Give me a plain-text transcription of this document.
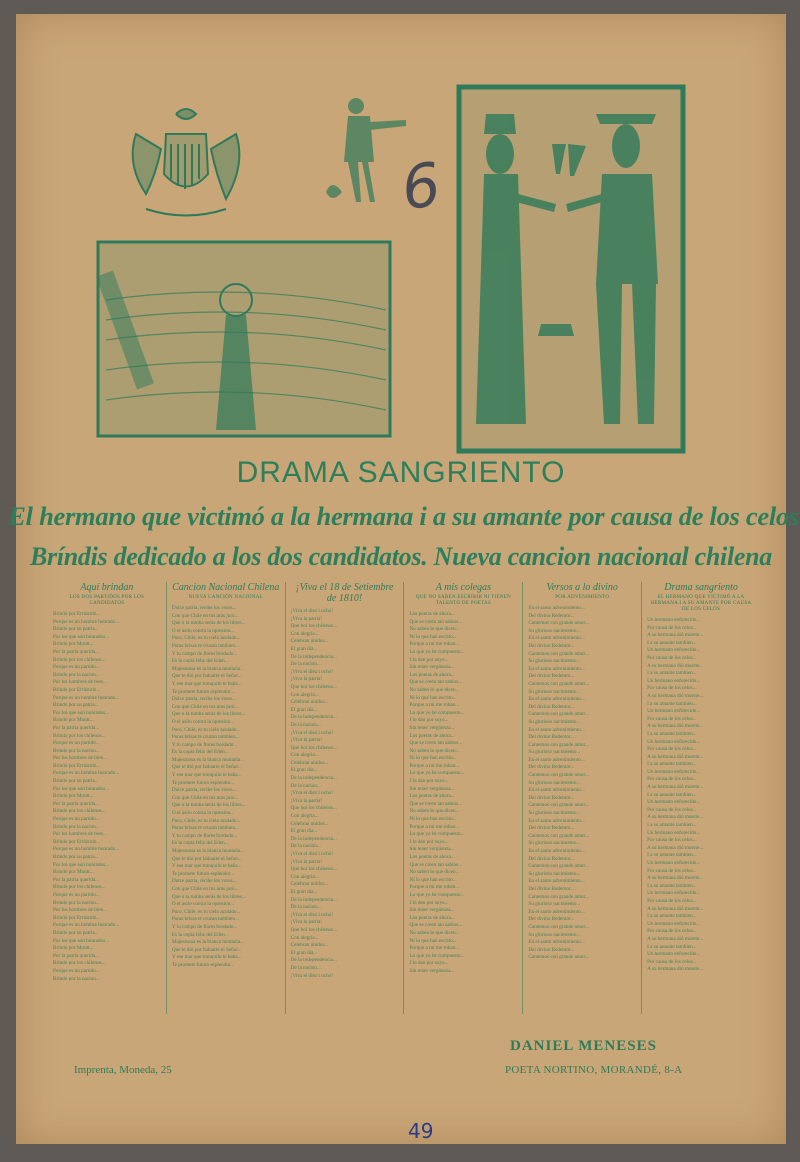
6
DRAMA SANGRIENTO
El hermano que victimó a la hermana i a su amante por causa de los celos
Bríndis dedicado a los dos candidatos. Nueva cancion nacional chilena
Aquí brindan
LOS DOS PARTIDOS POR LOS CANDIDATOS
Brindo por Errázuriz...
Porque es un hombre honrado...
Brindo por su patria...
Por los que son honrados...
Brindo por Montt...
Por la patria querida...
Brindo por los chilenos...
Porque es un partido...
Brindo por la nacion...
Por los hombres de bien...
Brindo por Errázuriz...
Porque es un hombre honrado...
Brindo por su patria...
Por los que son honrados...
Brindo por Montt...
Por la patria querida...
Brindo por los chilenos...
Porque es un partido...
Brindo por la nacion...
Por los hombres de bien...
Brindo por Errázuriz...
Porque es un hombre honrado...
Brindo por su patria...
Por los que son honrados...
Brindo por Montt...
Por la patria querida...
Brindo por los chilenos...
Porque es un partido...
Brindo por la nacion...
Por los hombres de bien...
Brindo por Errázuriz...
Porque es un hombre honrado...
Brindo por su patria...
Por los que son honrados...
Brindo por Montt...
Por la patria querida...
Brindo por los chilenos...
Porque es un partido...
Brindo por la nacion...
Por los hombres de bien...
Brindo por Errázuriz...
Porque es un hombre honrado...
Brindo por su patria...
Por los que son honrados...
Brindo por Montt...
Por la patria querida...
Brindo por los chilenos...
Porque es un partido...
Brindo por la nacion...
Cancion Nacional Chilena
NUEVA CANCION NACIONAL
Dulce patria, recibe los votos...
Con que Chile en tus aras juró...
Que o la tumba serás de los libres...
O el asilo contra la opresion...
Puro, Chile, es tu cielo azulado...
Puras brisas te cruzan tambien...
Y tu campo de flores bordado...
Es la copia feliz del Eden...
Majestuosa es la blanca montaña...
Que te dió por baluarte el Señor...
Y ese mar que tranquilo te baña...
Te promete futuro esplendor...
Dulce patria, recibe los votos...
Con que Chile en tus aras juró...
Que o la tumba serás de los libres...
O el asilo contra la opresion...
Puro, Chile, es tu cielo azulado...
Puras brisas te cruzan tambien...
Y tu campo de flores bordado...
Es la copia feliz del Eden...
Majestuosa es la blanca montaña...
Que te dió por baluarte el Señor...
Y ese mar que tranquilo te baña...
Te promete futuro esplendor...
Dulce patria, recibe los votos...
Con que Chile en tus aras juró...
Que o la tumba serás de los libres...
O el asilo contra la opresion...
Puro, Chile, es tu cielo azulado...
Puras brisas te cruzan tambien...
Y tu campo de flores bordado...
Es la copia feliz del Eden...
Majestuosa es la blanca montaña...
Que te dió por baluarte el Señor...
Y ese mar que tranquilo te baña...
Te promete futuro esplendor...
Dulce patria, recibe los votos...
Con que Chile en tus aras juró...
Que o la tumba serás de los libres...
O el asilo contra la opresion...
Puro, Chile, es tu cielo azulado...
Puras brisas te cruzan tambien...
Y tu campo de flores bordado...
Es la copia feliz del Eden...
Majestuosa es la blanca montaña...
Que te dió por baluarte el Señor...
Y ese mar que tranquilo te baña...
Te promete futuro esplendor...
¡Viva el 18 de Setiembre de 1810!
¡Viva el diez i ocho!
¡Viva la patria!
Que hoi los chilenos...
Con alegria...
Celebran unidos...
El gran dia...
De la independencia...
De la nacion...
¡Viva el diez i ocho!
¡Viva la patria!
Que hoi los chilenos...
Con alegria...
Celebran unidos...
El gran dia...
De la independencia...
De la nacion...
¡Viva el diez i ocho!
¡Viva la patria!
Que hoi los chilenos...
Con alegria...
Celebran unidos...
El gran dia...
De la independencia...
De la nacion...
¡Viva el diez i ocho!
¡Viva la patria!
Que hoi los chilenos...
Con alegria...
Celebran unidos...
El gran dia...
De la independencia...
De la nacion...
¡Viva el diez i ocho!
¡Viva la patria!
Que hoi los chilenos...
Con alegria...
Celebran unidos...
El gran dia...
De la independencia...
De la nacion...
¡Viva el diez i ocho!
¡Viva la patria!
Que hoi los chilenos...
Con alegria...
Celebran unidos...
El gran dia...
De la independencia...
De la nacion...
¡Viva el diez i ocho!
A mis colegas
QUE NO SABEN ESCRIBIR NI TIENEN TALENTO DE POETAS
Los poetas de ahora...
Que se creen tan sabios...
No saben lo que dicen...
Ni lo que han escrito...
Porque a mí me roban...
Lo que yo he compuesto...
I lo dan por suyo...
Sin tener vergüenza...
Los poetas de ahora...
Que se creen tan sabios...
No saben lo que dicen...
Ni lo que han escrito...
Porque a mí me roban...
Lo que yo he compuesto...
I lo dan por suyo...
Sin tener vergüenza...
Los poetas de ahora...
Que se creen tan sabios...
No saben lo que dicen...
Ni lo que han escrito...
Porque a mí me roban...
Lo que yo he compuesto...
I lo dan por suyo...
Sin tener vergüenza...
Los poetas de ahora...
Que se creen tan sabios...
No saben lo que dicen...
Ni lo que han escrito...
Porque a mí me roban...
Lo que yo he compuesto...
I lo dan por suyo...
Sin tener vergüenza...
Los poetas de ahora...
Que se creen tan sabios...
No saben lo que dicen...
Ni lo que han escrito...
Porque a mí me roban...
Lo que yo he compuesto...
I lo dan por suyo...
Sin tener vergüenza...
Los poetas de ahora...
Que se creen tan sabios...
No saben lo que dicen...
Ni lo que han escrito...
Porque a mí me roban...
Lo que yo he compuesto...
I lo dan por suyo...
Sin tener vergüenza...
Versos a lo divino
POR ADVENIMIENTO
En el santo advenimiento...
Del divino Redentor...
Cantemos con grande amor...
Su glorioso nacimiento...
En el santo advenimiento...
Del divino Redentor...
Cantemos con grande amor...
Su glorioso nacimiento...
En el santo advenimiento...
Del divino Redentor...
Cantemos con grande amor...
Su glorioso nacimiento...
En el santo advenimiento...
Del divino Redentor...
Cantemos con grande amor...
Su glorioso nacimiento...
En el santo advenimiento...
Del divino Redentor...
Cantemos con grande amor...
Su glorioso nacimiento...
En el santo advenimiento...
Del divino Redentor...
Cantemos con grande amor...
Su glorioso nacimiento...
En el santo advenimiento...
Del divino Redentor...
Cantemos con grande amor...
Su glorioso nacimiento...
En el santo advenimiento...
Del divino Redentor...
Cantemos con grande amor...
Su glorioso nacimiento...
En el santo advenimiento...
Del divino Redentor...
Cantemos con grande amor...
Su glorioso nacimiento...
En el santo advenimiento...
Del divino Redentor...
Cantemos con grande amor...
Su glorioso nacimiento...
En el santo advenimiento...
Del divino Redentor...
Cantemos con grande amor...
Su glorioso nacimiento...
En el santo advenimiento...
Del divino Redentor...
Cantemos con grande amor...
Drama sangriento
EL HERMANO QUE VICTIMÓ A LA HERMANA I A SU AMANTE POR CAUSA DE LOS CELOS
Un hermano enfurecido...
Por causa de los celos...
A su hermana dió muerte...
I a su amante tambien...
Un hermano enfurecido...
Por causa de los celos...
A su hermana dió muerte...
I a su amante tambien...
Un hermano enfurecido...
Por causa de los celos...
A su hermana dió muerte...
I a su amante tambien...
Un hermano enfurecido...
Por causa de los celos...
A su hermana dió muerte...
I a su amante tambien...
Un hermano enfurecido...
Por causa de los celos...
A su hermana dió muerte...
I a su amante tambien...
Un hermano enfurecido...
Por causa de los celos...
A su hermana dió muerte...
I a su amante tambien...
Un hermano enfurecido...
Por causa de los celos...
A su hermana dió muerte...
I a su amante tambien...
Un hermano enfurecido...
Por causa de los celos...
A su hermana dió muerte...
I a su amante tambien...
Un hermano enfurecido...
Por causa de los celos...
A su hermana dió muerte...
I a su amante tambien...
Un hermano enfurecido...
Por causa de los celos...
A su hermana dió muerte...
I a su amante tambien...
Un hermano enfurecido...
Por causa de los celos...
A su hermana dió muerte...
I a su amante tambien...
Un hermano enfurecido...
Por causa de los celos...
A su hermana dió muerte...
Imprenta, Moneda, 25
DANIEL MENESES
POETA NORTINO, MORANDÉ, 8-A
49
